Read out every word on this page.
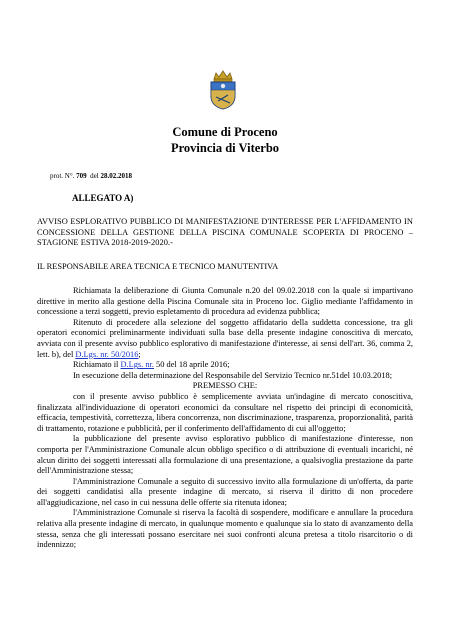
Comune di Proceno
Provincia di Viterbo
prot. N°. 709 del 28.02.2018
ALLEGATO A)
AVVISO ESPLORATIVO PUBBLICO DI MANIFESTAZIONE D'INTERESSE PER L'AFFIDAMENTO IN CONCESSIONE DELLA GESTIONE DELLA PISCINA COMUNALE SCOPERTA DI PROCENO – STAGIONE ESTIVA 2018-2019-2020.-
IL RESPONSABILE AREA TECNICA E TECNICO MANUTENTIVA

Richiamata la deliberazione di Giunta Comunale n.20 del 09.02.2018 con la quale si impartivano direttive in merito alla gestione della Piscina Comunale sita in Proceno loc. Giglio mediante l'affidamento in concessione a terzi soggetti, previo espletamento di procedura ad evidenza pubblica;

Ritenuto di procedere alla selezione del soggetto affidatario della suddetta concessione, tra gli operatori economici preliminarmente individuati sulla base della presente indagine conoscitiva di mercato, avviata con il presente avviso pubblico esplorativo di manifestazione d'interesse, ai sensi dell'art. 36, comma 2, lett. b), del D.Lgs. nr. 50/2016;

Richiamato il D.Lgs. nr. 50 del 18 aprile 2016;

In esecuzione della determinazione del Responsabile del Servizio Tecnico nr.51del 10.03.2018;

PREMESSO CHE:

con il presente avviso pubblico è semplicemente avviata un'indagine di mercato conoscitiva, finalizzata all'individuazione di operatori economici da consultare nel rispetto dei principi di economicità, efficacia, tempestività, correttezza, libera concorrenza, non discriminazione, trasparenza, proporzionalità, parità di trattamento, rotazione e pubblicità, per il conferimento dell'affidamento di cui all'oggetto;

la pubblicazione del presente avviso esplorativo pubblico di manifestazione d'interesse, non comporta per l'Amministrazione Comunale alcun obbligo specifico o di attribuzione di eventuali incarichi, né alcun diritto dei soggetti interessati alla formulazione di una presentazione, a qualsivoglia prestazione da parte dell'Amministrazione stessa;

l'Amministrazione Comunale a seguito di successivo invito alla formulazione di un'offerta, da parte dei soggetti candidatisi alla presente indagine di mercato, si riserva il diritto di non procedere all'aggiudicazione, nel caso in cui nessuna delle offerte sia ritenuta idonea;

l'Amministrazione Comunale si riserva la facoltà di sospendere, modificare e annullare la procedura relativa alla presente indagine di mercato, in qualunque momento e qualunque sia lo stato di avanzamento della stessa, senza che gli interessati possano esercitare nei suoi confronti alcuna pretesa a titolo risarcitorio o di indennizzo;
